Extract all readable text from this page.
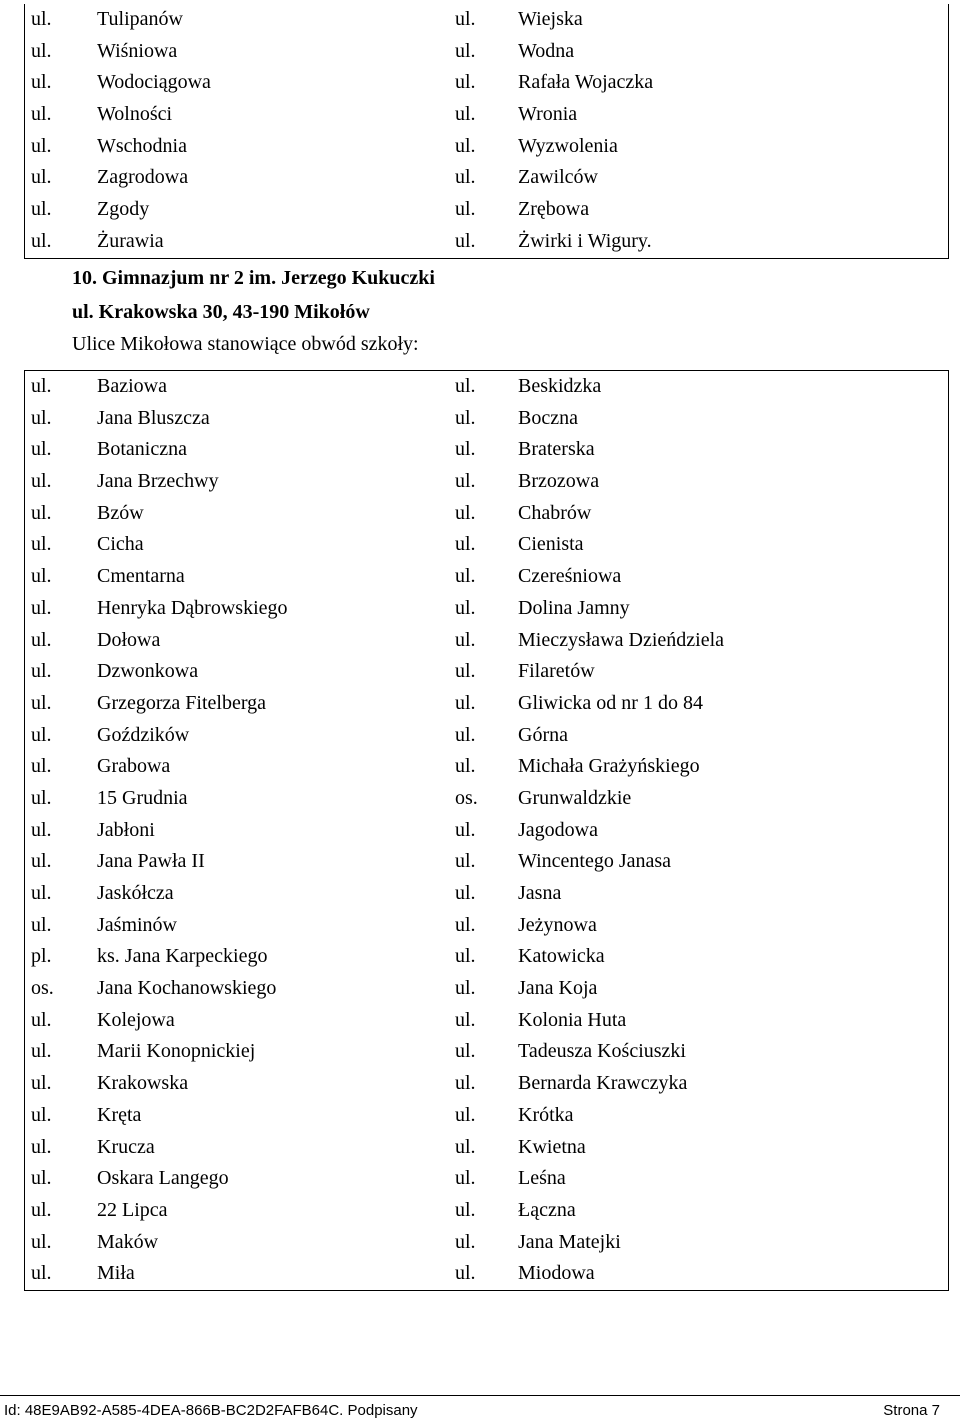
ul. Tulipanów	ul. Wiejska
ul. Wiśniowa	ul. Wodna
ul. Wodociągowa	ul. Rafała Wojaczka
ul. Wolności	ul. Wronia
ul. Wschodnia	ul. Wyzwolenia
ul. Zagrodowa	ul. Zawilców
ul. Zgody	ul. Zrębowa
ul. Żurawia	ul. Żwirki i Wigury.
10. Gimnazjum nr 2 im. Jerzego Kukuczki
ul. Krakowska 30, 43-190 Mikołów
Ulice Mikołowa stanowiące obwód szkoły:
ul. Baziowa	ul. Beskidzka
ul. Jana Bluszcza	ul. Boczna
ul. Botaniczna	ul. Braterska
ul. Jana Brzechwy	ul. Brzozowa
ul. Bzów	ul. Chabrów
ul. Cicha	ul. Cienista
ul. Cmentarna	ul. Czereśniowa
ul. Henryka Dąbrowskiego	ul. Dolina Jamny
ul. Dołowa	ul. Mieczysława Dzieńdziela
ul. Dzwonkowa	ul. Filaretów
ul. Grzegorza Fitelberga	ul. Gliwicka od nr 1 do 84
ul. Goździków	ul. Górna
ul. Grabowa	ul. Michała Grażyńskiego
ul. 15 Grudnia	os. Grunwaldzkie
ul. Jabłoni	ul. Jagodowa
ul. Jana Pawła II	ul. Wincentego Janasa
ul. Jaskółcza	ul. Jasna
ul. Jaśminów	ul. Jeżynowa
pl. ks. Jana Karpeckiego	ul. Katowicka
os. Jana Kochanowskiego	ul. Jana Koja
ul. Kolejowa	ul. Kolonia Huta
ul. Marii Konopnickiej	ul. Tadeusza Kościuszki
ul. Krakowska	ul. Bernarda Krawczyka
ul. Kręta	ul. Krótka
ul. Krucza	ul. Kwietna
ul. Oskara Langego	ul. Leśna
ul. 22 Lipca	ul. Łączna
ul. Maków	ul. Jana Matejki
ul. Miła	ul. Miodowa
Id: 48E9AB92-A585-4DEA-866B-BC2D2FAFB64C. Podpisany	Strona 7
